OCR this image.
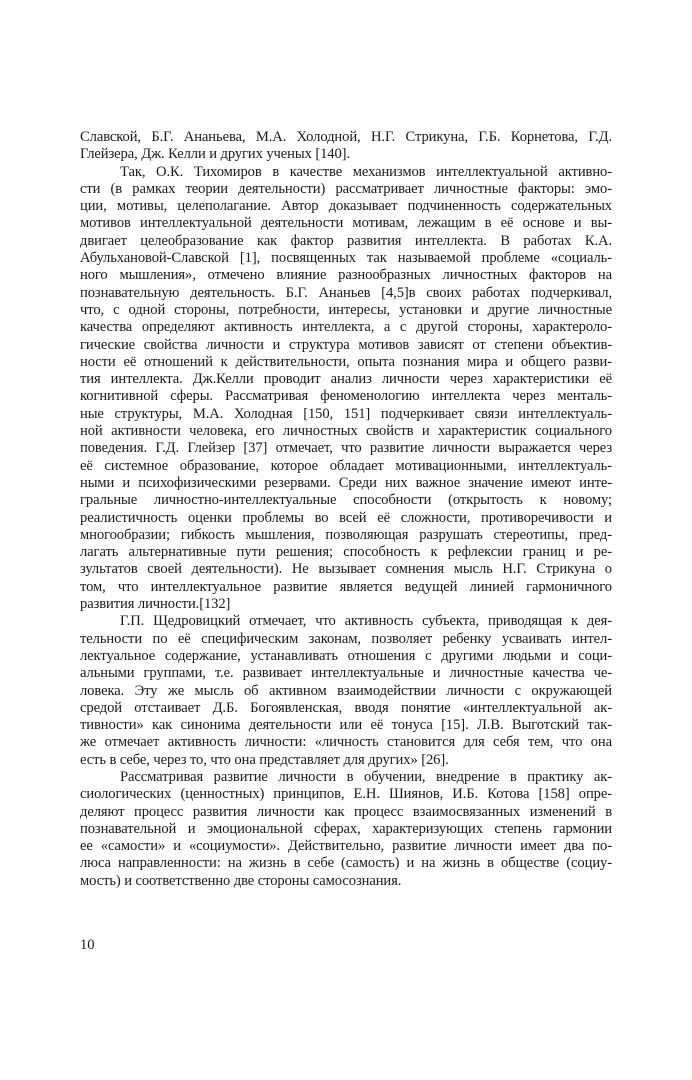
Славской, Б.Г. Ананьева, М.А. Холодной, Н.Г. Стрикуна, Г.Б. Корнетова, Г.Д.
Глейзера, Дж. Келли и других ученых [140].
Так, О.К. Тихомиров в качестве механизмов интеллектуальной активно-
сти (в рамках теории деятельности) рассматривает личностные факторы: эмо-
ции, мотивы, целеполагание. Автор доказывает подчиненность содержательных
мотивов интеллектуальной деятельности мотивам, лежащим в её основе и вы-
двигает целеобразование как фактор развития интеллекта. В работах К.А.
Абульхановой-Славской [1], посвященных так называемой проблеме «социаль-
ного мышления», отмечено влияние разнообразных личностных факторов на
познавательную деятельность. Б.Г. Ананьев [4,5]в своих работах подчеркивал,
что, с одной стороны, потребности, интересы, установки и другие личностные
качества определяют активность интеллекта, а с другой стороны, характероло-
гические свойства личности и структура мотивов зависят от степени объектив-
ности её отношений к действительности, опыта познания мира и общего разви-
тия интеллекта. Дж.Келли проводит анализ личности через характеристики её
когнитивной сферы. Рассматривая феноменологию интеллекта через менталь-
ные структуры, М.А. Холодная [150, 151] подчеркивает связи интеллектуаль-
ной активности человека, его личностных свойств и характеристик социального
поведения. Г.Д. Глейзер [37] отмечает, что развитие личности выражается через
её системное образование, которое обладает мотивационными, интеллектуаль-
ными и психофизическими резервами. Среди них важное значение имеют инте-
гральные личностно-интеллектуальные способности (открытость к новому;
реалистичность оценки проблемы во всей её сложности, противоречивости и
многообразии; гибкость мышления, позволяющая разрушать стереотипы, пред-
лагать альтернативные пути решения; способность к рефлексии границ и ре-
зультатов своей деятельности). Не вызывает сомнения мысль Н.Г. Стрикуна о
том, что интеллектуальное развитие является ведущей линией гармоничного
развития личности.[132]
Г.П. Щедровицкий отмечает, что активность субъекта, приводящая к дея-
тельности по её специфическим законам, позволяет ребенку усваивать интел-
лектуальное содержание, устанавливать отношения с другими людьми и соци-
альными группами, т.е. развивает интеллектуальные и личностные качества че-
ловека. Эту же мысль об активном взаимодействии личности с окружающей
средой отстаивает Д.Б. Богоявленская, вводя понятие «интеллектуальной ак-
тивности» как синонима деятельности или её тонуса [15]. Л.В. Выготский так-
же отмечает активность личности: «личность становится для себя тем, что она
есть в себе, через то, что она представляет для других» [26].
Рассматривая развитие личности в обучении, внедрение в практику ак-
сиологических (ценностных) принципов, Е.Н. Шиянов, И.Б. Котова [158] опре-
деляют процесс развития личности как процесс взаимосвязанных изменений в
познавательной и эмоциональной сферах, характеризующих степень гармонии
ее «самости» и «социумости». Действительно, развитие личности имеет два по-
люса направленности: на жизнь в себе (самость) и на жизнь в обществе (социу-
мость) и соответственно две стороны самосознания.
10
